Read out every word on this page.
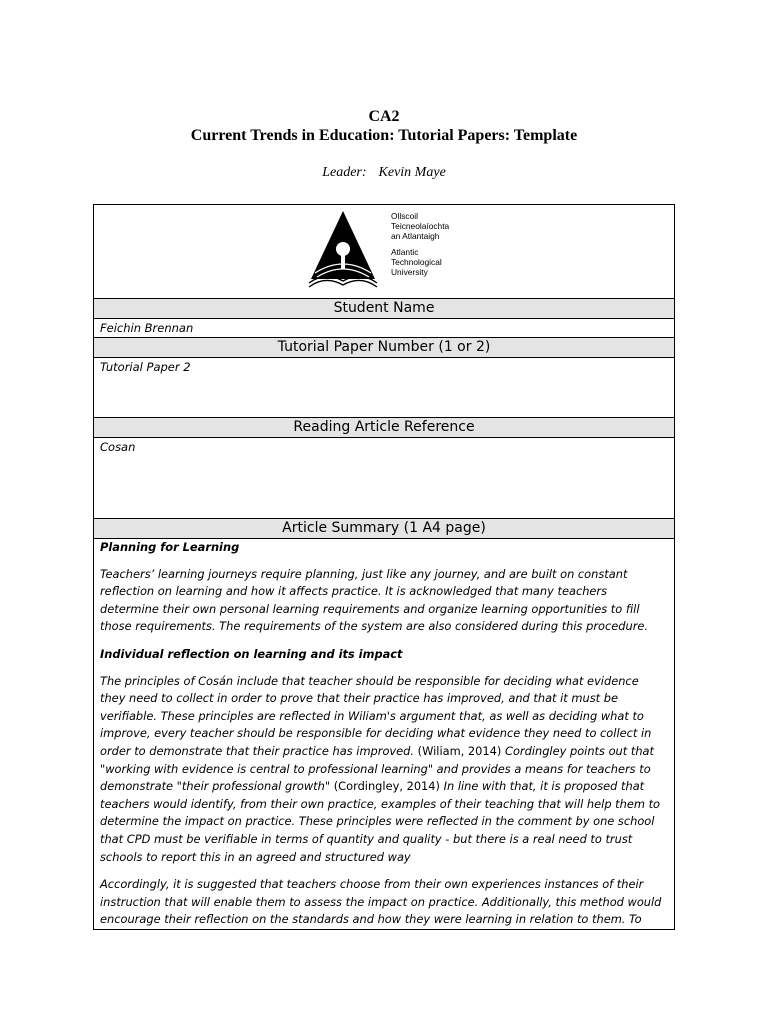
CA2
Current Trends in Education: Tutorial Papers: Template
Leader: Kevin Maye
Ollscoil
Teicneolaíochta
an Atlantaigh
Atlantic
Technological
University
Student Name
Feichin Brennan
Tutorial Paper Number (1 or 2)
Tutorial Paper 2
Reading Article Reference
Cosan
Article Summary (1 A4 page)

Planning for Learning

Teachers’ learning journeys require planning, just like any journey, and are built on constant reflection on learning and how it affects practice. It is acknowledged that many teachers determine their own personal learning requirements and organize learning opportunities to fill those requirements. The requirements of the system are also considered during this procedure.

Individual reflection on learning and its impact

The principles of Cosán include that teacher should be responsible for deciding what evidence they need to collect in order to prove that their practice has improved, and that it must be verifiable. These principles are reflected in Wiliam's argument that, as well as deciding what to improve, every teacher should be responsible for deciding what evidence they need to collect in order to demonstrate that their practice has improved. (Wiliam, 2014) Cordingley points out that "working with evidence is central to professional learning" and provides a means for teachers to demonstrate "their professional growth" (Cordingley, 2014) In line with that, it is proposed that teachers would identify, from their own practice, examples of their teaching that will help them to determine the impact on practice. These principles were reflected in the comment by one school that CPD must be verifiable in terms of quantity and quality - but there is a real need to trust schools to report this in an agreed and structured way

Accordingly, it is suggested that teachers choose from their own experiences instances of their instruction that will enable them to assess the impact on practice. Additionally, this method would encourage their reflection on the standards and how they were learning in relation to them. To
